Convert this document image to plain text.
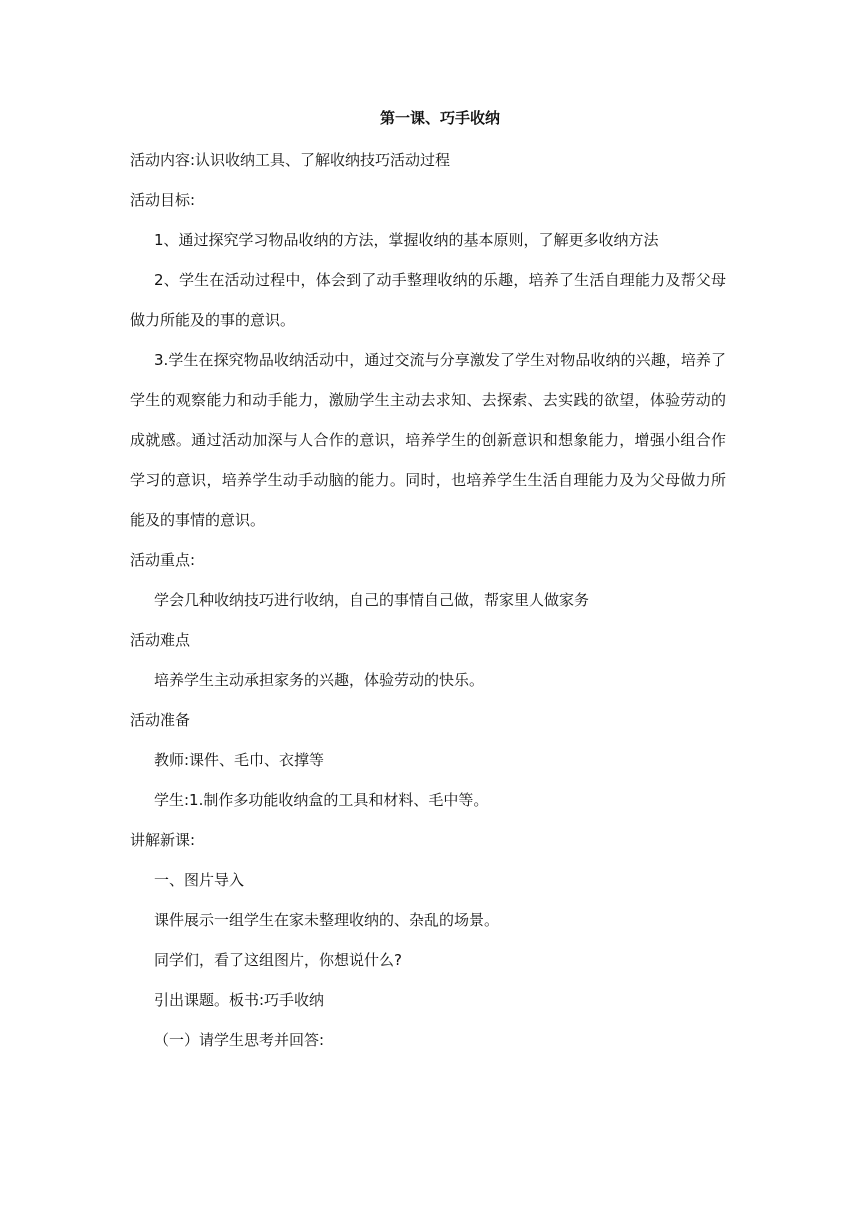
第一课、巧手收纳
活动内容:认识收纳工具、了解收纳技巧活动过程
活动目标:
1、通过探究学习物品收纳的方法，掌握收纳的基本原则，了解更多收纳方法
2、学生在活动过程中，体会到了动手整理收纳的乐趣，培养了生活自理能力及帮父母做力所能及的事的意识。
3.学生在探究物品收纳活动中，通过交流与分享激发了学生对物品收纳的兴趣，培养了学生的观察能力和动手能力，激励学生主动去求知、去探索、去实践的欲望，体验劳动的成就感。通过活动加深与人合作的意识，培养学生的创新意识和想象能力，增强小组合作学习的意识，培养学生动手动脑的能力。同时，也培养学生生活自理能力及为父母做力所能及的事情的意识。
活动重点:
学会几种收纳技巧进行收纳，自己的事情自己做，帮家里人做家务
活动难点
培养学生主动承担家务的兴趣，体验劳动的快乐。
活动准备
教师:课件、毛巾、衣撑等
学生:1.制作多功能收纳盒的工具和材料、毛中等。
讲解新课:
一、图片导入
课件展示一组学生在家未整理收纳的、杂乱的场景。
同学们，看了这组图片，你想说什么?
引出课题。板书:巧手收纳
（一）请学生思考并回答:
